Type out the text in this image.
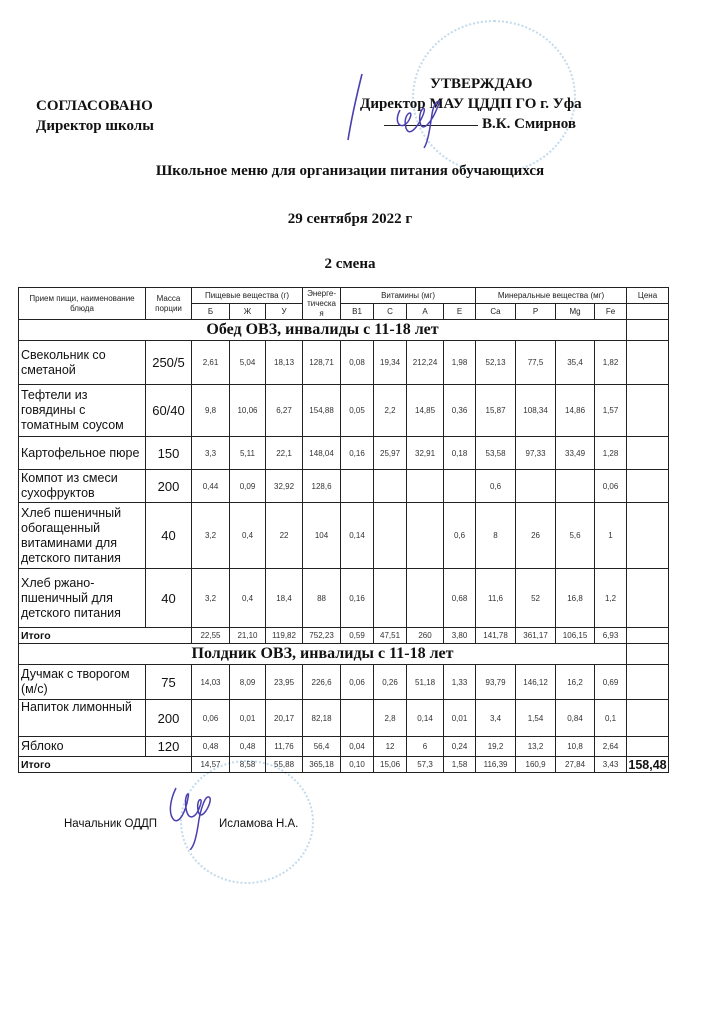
СОГЛАСОВАНО
Директор школы
УТВЕРЖДАЮ
Директор МАУ ЦДДП ГО г. Уфа
В.К. Смирнов
Школьное меню для организации питания обучающихся
29 сентября 2022 г
2 смена
Прием пищи, наименование блюда	Масса порции	Пищевые вещества (г)			Энерге-тическа я	Витамины (мг)				Минеральные вещества (мг)				Цена
		Б	Ж	У		B1	C	A	E	Ca	P	Mg	Fe	
Обед ОВЗ, инвалиды с 11-18 лет														
Свекольник со сметаной	250/5	2,61	5,04	18,13	128,71	0,08	19,34	212,24	1,98	52,13	77,5	35,4	1,82	
Тефтели из говядины с томатным соусом	60/40	9,8	10,06	6,27	154,88	0,05	2,2	14,85	0,36	15,87	108,34	14,86	1,57	
Картофельное пюре	150	3,3	5,11	22,1	148,04	0,16	25,97	32,91	0,18	53,58	97,33	33,49	1,28	
Компот из смеси сухофруктов	200	0,44	0,09	32,92	128,6					0,6			0,06	
Хлеб пшеничный обогащенный витаминами для детского питания	40	3,2	0,4	22	104	0,14			0,6	8	26	5,6	1	
Хлеб ржано-пшеничный для детского питания	40	3,2	0,4	18,4	88	0,16			0,68	11,6	52	16,8	1,2	
Итого		22,55	21,10	119,82	752,23	0,59	47,51	260	3,80	141,78	361,17	106,15	6,93	
Полдник ОВЗ, инвалиды с 11-18 лет														
Дучмак с творогом (м/с)	75	14,03	8,09	23,95	226,6	0,06	0,26	51,18	1,33	93,79	146,12	16,2	0,69	
Напиток лимонный	200	0,06	0,01	20,17	82,18		2,8	0,14	0,01	3,4	1,54	0,84	0,1	
Яблоко	120	0,48	0,48	11,76	56,4	0,04	12	6	0,24	19,2	13,2	10,8	2,64	
Итого		14,57	8,58	55,88	365,18	0,10	15,06	57,3	1,58	116,39	160,9	27,84	3,43	158,48
Начальник ОДДП	Исламова Н.А.
